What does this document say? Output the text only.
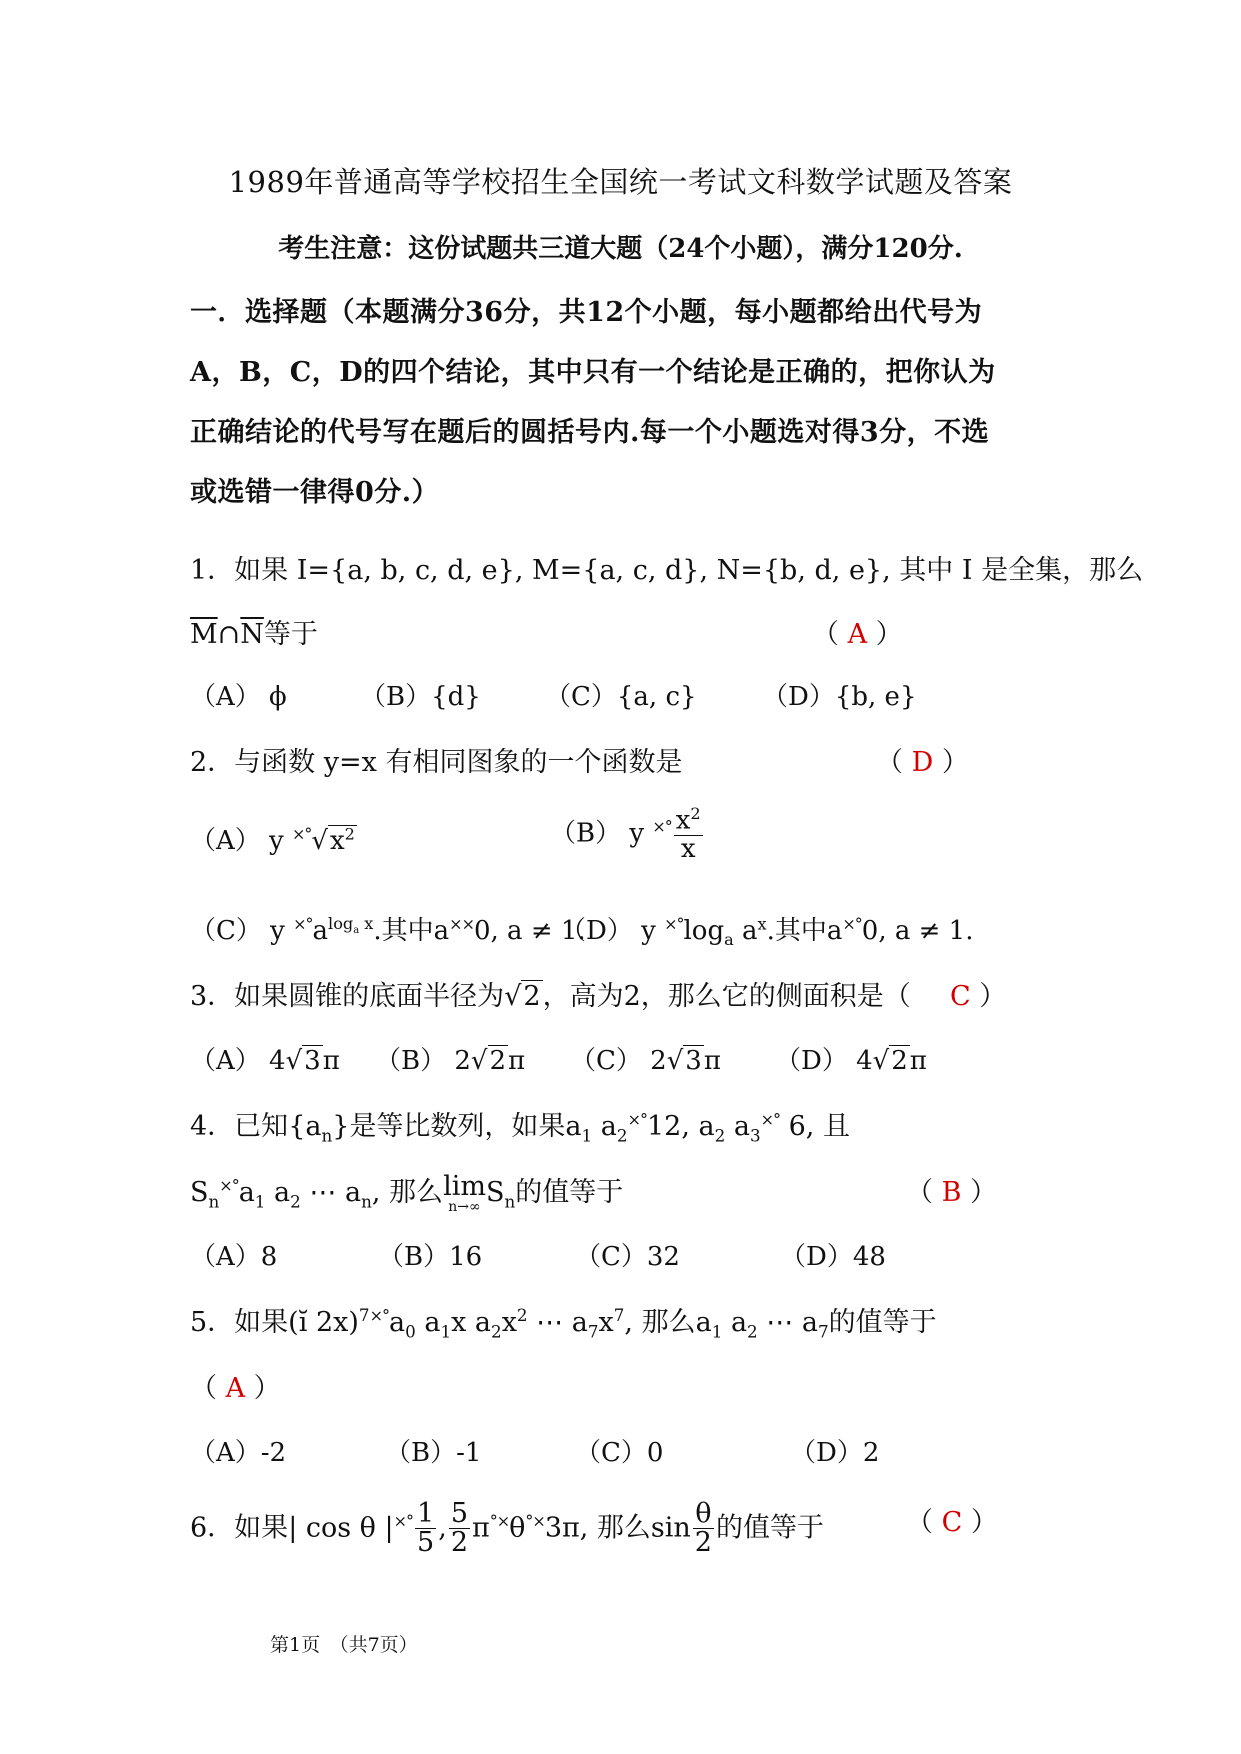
1989年普通高等学校招生全国统一考试文科数学试题及答案
考生注意：这份试题共三道大题（24个小题），满分120分.
一．选择题（本题满分36分，共12个小题，每小题都给出代号为
A，B，C，D的四个结论，其中只有一个结论是正确的，把你认为
正确结论的代号写在题后的圆括号内.每一个小题选对得3分，不选
或选错一律得0分.）
1．如果 I={a, b, c, d, e}, M={a, c, d}, N={b, d, e}, 其中 I 是全集，那么
$\overline{M}\cap\overline{N}$等于	（ A ）
（A） ϕ	（B）{d} （C）{a, c}	（D）{b, e}
2．与函数 y=x 有相同图象的一个函数是	（ D ）
（A） y $^{\times^\circ}√x^2$	（B） y $^{\times^\circ} \frac{x^2}{x}$
（C） y $^{\times^\circ}a^{log_a x}$.其中a××0, a ≠ 1.
（D） y $^{\times^\circ}\log_a$ $a^x$.其中a×°0, a ≠ 1.
3．如果圆锥的底面半径为√2，高为2，那么它的侧面积是（ C ）
（A） 4√3π （B） 2√2π （C） 2√3π （D） 4√2π
4．已知$\{a_n\}$是等比数列，如果$a_1$ $a_2^{\times^\circ}12$, $a_2$ $a_3^{\times^\circ}$ 6, 且
$S_n^{\times^\circ}a_1$ $a_2$ ⋯ $a_n$, 那么lim
n→∞ $S_n$的值等于	（ B ）
（A）8	（B）16	（C）32	（D）48
5．如果(ĭ $2x)^{7\times^\circ}a_0$ $a_1x$ $a_2x^2$ ⋯ $a_7x^7$, 那么$a_1$ $a_2$ ⋯ $a_7$的值等于
（ A ）
（A）-2	（B）-1	（C）0	（D）2
6．如果| cos θ $|^{\times^\circ} \frac{1}{5}$ , $\frac{5}{2} \pi^{^\circ\times}\theta^{^\circ\times}3\pi$, 那么$\sin \frac{\theta}{2}$ 的值等于	（ C ）
第1页　（共7页）
